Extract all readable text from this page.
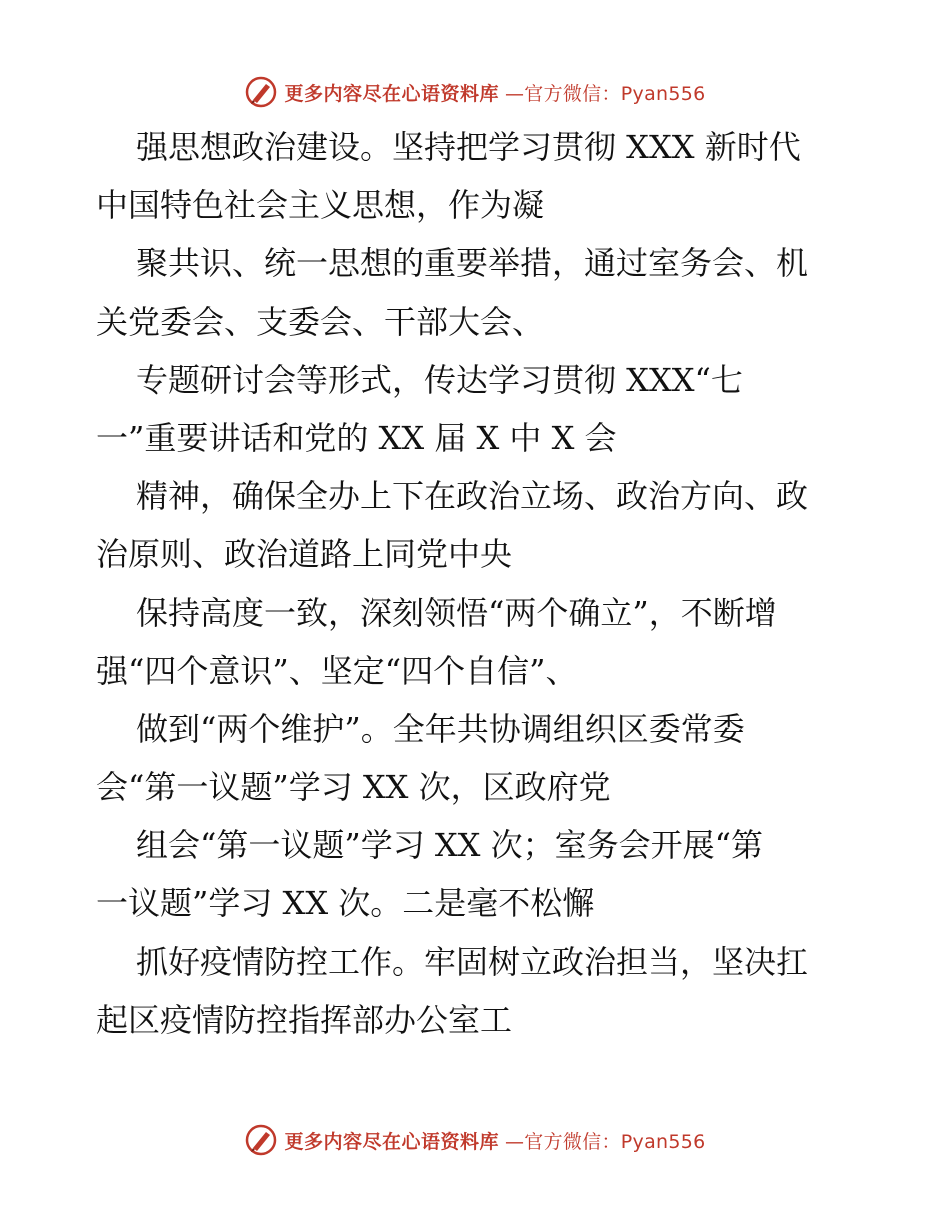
更多内容尽在心语资料库 —官方微信：Pyan556
强思想政治建设。坚持把学习贯彻 XXX 新时代
中国特色社会主义思想，作为凝
聚共识、统一思想的重要举措，通过室务会、机
关党委会、支委会、干部大会、
专题研讨会等形式，传达学习贯彻 XXX“七
一”重要讲话和党的 XX 届 X 中 X 会
精神，确保全办上下在政治立场、政治方向、政
治原则、政治道路上同党中央
保持高度一致，深刻领悟“两个确立”，不断增
强“四个意识”、坚定“四个自信”、
做到“两个维护”。全年共协调组织区委常委
会“第一议题”学习 XX 次，区政府党
组会“第一议题”学习 XX 次；室务会开展“第
一议题”学习 XX 次。二是毫不松懈
抓好疫情防控工作。牢固树立政治担当，坚决扛
起区疫情防控指挥部办公室工
更多内容尽在心语资料库 —官方微信：Pyan556
